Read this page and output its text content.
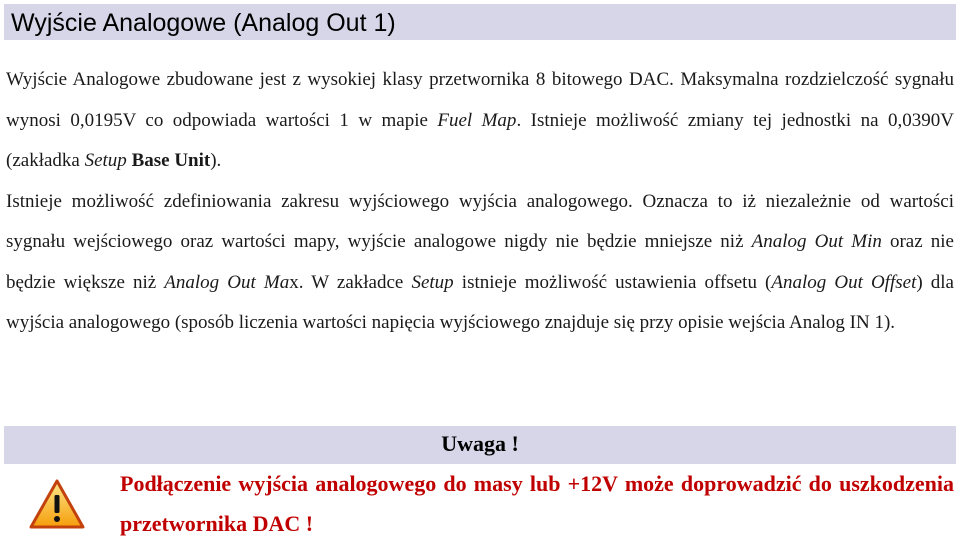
Wyjście Analogowe (Analog Out 1)

Wyjście Analogowe zbudowane jest z wysokiej klasy przetwornika 8 bitowego DAC. Maksymalna rozdzielczość sygnału wynosi 0,0195V co odpowiada wartości 1 w mapie Fuel Map. Istnieje możliwość zmiany tej jednostki na 0,0390V (zakładka Setup Base Unit).

Istnieje możliwość zdefiniowania zakresu wyjściowego wyjścia analogowego. Oznacza to iż niezależnie od wartości sygnału wejściowego oraz wartości mapy, wyjście analogowe nigdy nie będzie mniejsze niż Analog Out Min oraz nie będzie większe niż Analog Out Max. W zakładce Setup istnieje możliwość ustawienia offsetu (Analog Out Offset) dla wyjścia analogowego (sposób liczenia wartości napięcia wyjściowego znajduje się przy opisie wejścia Analog IN 1).

Uwaga !
Podłączenie wyjścia analogowego do masy lub +12V może doprowadzić do uszkodzenia przetwornika DAC !
